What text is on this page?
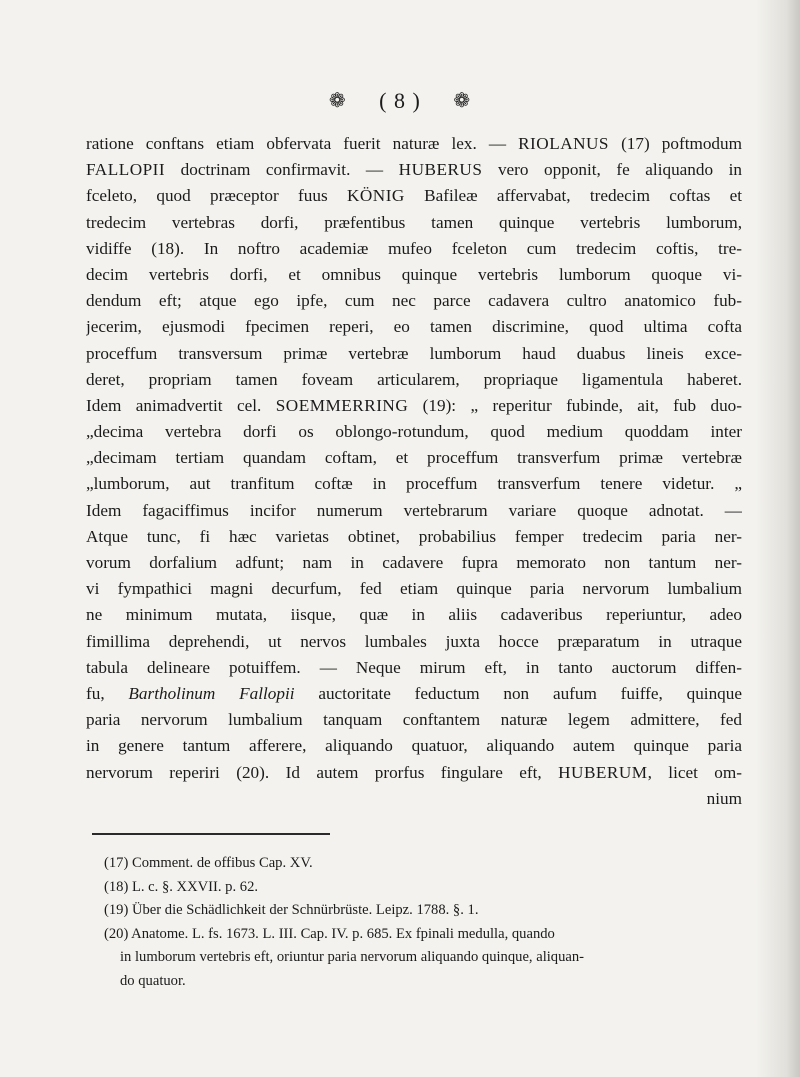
❁ ( 8 ) ❁
ratione conftans etiam obfervata fuerit naturæ lex. — RIOLANUS (17) poftmodum
FALLOPII doctrinam confirmavit. — HUBERUS vero opponit, fe aliquando in
fceleto, quod præceptor fuus KÖNIG Bafileæ affervabat, tredecim coftas et
tredecim vertebras dorfi, præfentibus tamen quinque vertebris lumborum,
vidiffe (18). In noftro academiæ mufeo fceleton cum tredecim coftis, tre-
decim vertebris dorfi, et omnibus quinque vertebris lumborum quoque vi-
dendum eft; atque ego ipfe, cum nec parce cadavera cultro anatomico fub-
jecerim, ejusmodi fpecimen reperi, eo tamen discrimine, quod ultima cofta
proceffum transversum primæ vertebræ lumborum haud duabus lineis exce-
deret, propriam tamen foveam articularem, propriaque ligamentula haberet.
Idem animadvertit cel. SOEMMERRING (19): „ reperitur fubinde, ait, fub duo-
„decima vertebra dorfi os oblongo-rotundum, quod medium quoddam inter
„decimam tertiam quandam coftam, et proceffum transverfum primæ vertebræ
„lumborum, aut tranfitum coftæ in proceffum transverfum tenere videtur. „
Idem fagaciffimus incifor numerum vertebrarum variare quoque adnotat. —
Atque tunc, fi hæc varietas obtinet, probabilius femper tredecim paria ner-
vorum dorfalium adfunt; nam in cadavere fupra memorato non tantum ner-
vi fympathici magni decurfum, fed etiam quinque paria nervorum lumbalium
ne minimum mutata, iisque, quæ in aliis cadaveribus reperiuntur, adeo
fimillima deprehendi, ut nervos lumbales juxta hocce præparatum in utraque
tabula delineare potuiffem. — Neque mirum eft, in tanto auctorum diffen-
fu, Bartholinum Fallopii auctoritate feductum non aufum fuiffe, quinque
paria nervorum lumbalium tanquam conftantem naturæ legem admittere, fed
in genere tantum afferere, aliquando quatuor, aliquando autem quinque paria
nervorum reperiri (20). Id autem prorfus fingulare eft, HUBERUM, licet om-
nium
(17) Comment. de offibus Cap. XV.
(18) L. c. §. XXVII. p. 62.
(19) Über die Schädlichkeit der Schnürbrüste. Leipz. 1788. §. 1.
(20) Anatome. L. fs. 1673. L. III. Cap. IV. p. 685. Ex fpinali medulla, quando
in lumborum vertebris eft, oriuntur paria nervorum aliquando quinque, aliquan-
do quatuor.
